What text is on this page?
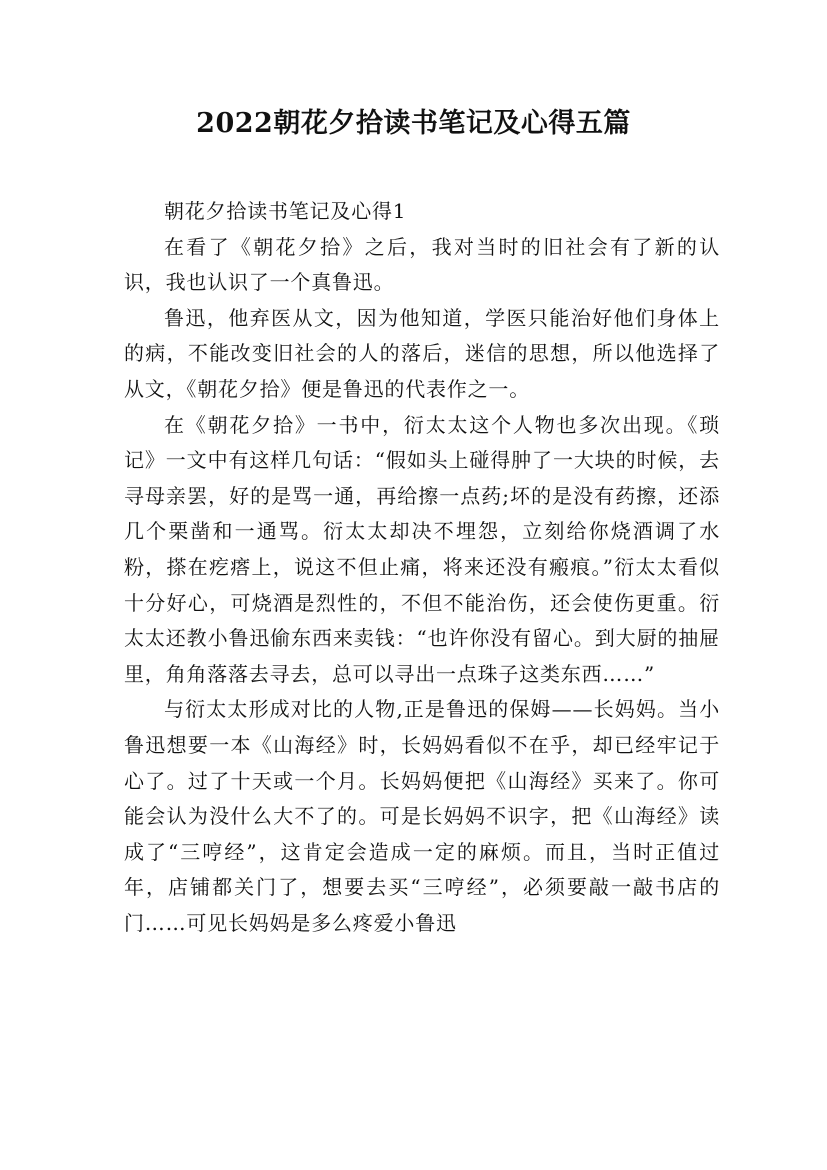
2022朝花夕拾读书笔记及心得五篇

朝花夕拾读书笔记及心得1

在看了《朝花夕拾》之后，我对当时的旧社会有了新的认识，我也认识了一个真鲁迅。

鲁迅，他弃医从文，因为他知道，学医只能治好他们身体上的病，不能改变旧社会的人的落后，迷信的思想，所以他选择了从文，《朝花夕拾》便是鲁迅的代表作之一。

在《朝花夕拾》一书中，衍太太这个人物也多次出现。《琐记》一文中有这样几句话：“假如头上碰得肿了一大块的时候，去寻母亲罢，好的是骂一通，再给擦一点药;坏的是没有药擦，还添几个栗凿和一通骂。衍太太却决不埋怨，立刻给你烧酒调了水粉，搽在疙瘩上，说这不但止痛，将来还没有瘢痕。”衍太太看似十分好心，可烧酒是烈性的，不但不能治伤，还会使伤更重。衍太太还教小鲁迅偷东西来卖钱：“也许你没有留心。到大厨的抽屉里，角角落落去寻去，总可以寻出一点珠子这类东西……”

与衍太太形成对比的人物,正是鲁迅的保姆——长妈妈。当小鲁迅想要一本《山海经》时，长妈妈看似不在乎，却已经牢记于心了。过了十天或一个月。长妈妈便把《山海经》买来了。你可能会认为没什么大不了的。可是长妈妈不识字，把《山海经》读成了“三哼经”，这肯定会造成一定的麻烦。而且，当时正值过年，店铺都关门了，想要去买“三哼经”，必须要敲一敲书店的门……可见长妈妈是多么疼爱小鲁迅
